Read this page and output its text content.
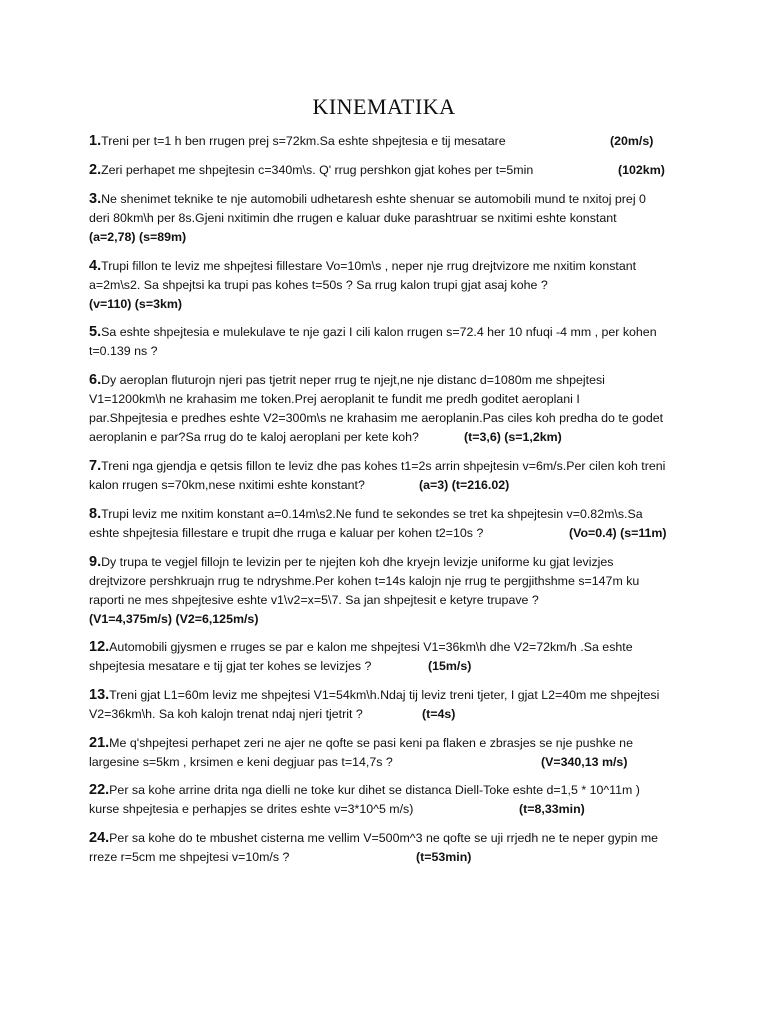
KINEMATIKA
1.Treni per t=1 h ben rrugen prej s=72km.Sa eshte shpejtesia e tij mesatare	(20m/s)
2.Zeri perhapet me shpejtesin c=340m\s. Q' rrug pershkon gjat kohes per t=5min	(102km)
3.Ne shenimet teknike te nje automobili udhetaresh eshte shenuar se automobili mund te nxitoj prej 0
deri 80km\h per 8s.Gjeni nxitimin dhe rrugen e kaluar duke parashtruar se nxitimi eshte konstant
(a=2,78) (s=89m)
4.Trupi fillon te leviz me shpejtesi fillestare Vo=10m\s , neper nje rrug drejtvizore me nxitim konstant
a=2m\s2. Sa shpejtsi ka trupi pas kohes t=50s ? Sa rrug kalon trupi gjat asaj kohe ?
(v=110) (s=3km)
5.Sa eshte shpejtesia e mulekulave te nje gazi I cili kalon rrugen s=72.4 her 10 nfuqi -4 mm , per kohen
t=0.139 ns ?
6.Dy aeroplan fluturojn njeri pas tjetrit neper rrug te njejt,ne nje distanc d=1080m me shpejtesi
V1=1200km\h ne krahasim me token.Prej aeroplanit te fundit me predh goditet aeroplani I
par.Shpejtesia e predhes eshte V2=300m\s ne krahasim me aeroplanin.Pas ciles koh predha do te godet
aeroplanin e par?Sa rrug do te kaloj aeroplani per kete koh?	(t=3,6) (s=1,2km)
7.Treni nga gjendja e qetsis fillon te leviz dhe pas kohes t1=2s arrin shpejtesin v=6m/s.Per cilen koh treni
kalon rrugen s=70km,nese nxitimi eshte konstant?	(a=3) (t=216.02)
8.Trupi leviz me nxitim konstant a=0.14m\s2.Ne fund te sekondes se tret ka shpejtesin v=0.82m\s.Sa
eshte shpejtesia fillestare e trupit dhe rruga e kaluar per kohen t2=10s ?	(Vo=0.4) (s=11m)
9.Dy trupa te vegjel fillojn te levizin per te njejten koh dhe kryejn levizje uniforme ku gjat levizjes
drejtvizore pershkruajn rrug te ndryshme.Per kohen t=14s kalojn nje rrug te pergjithshme s=147m ku
raporti ne mes shpejtesive eshte v1\v2=x=5\7. Sa jan shpejtesit e ketyre trupave ?
(V1=4,375m/s) (V2=6,125m/s)
12.Automobili gjysmen e rruges se par e kalon me shpejtesi V1=36km\h dhe V2=72km/h .Sa eshte
shpejtesia mesatare e tij gjat ter kohes se levizjes ?	(15m/s)
13.Treni gjat L1=60m leviz me shpejtesi V1=54km\h.Ndaj tij leviz treni tjeter, I gjat L2=40m me shpejtesi
V2=36km\h. Sa koh kalojn trenat ndaj njeri tjetrit ?	(t=4s)
21.Me q'shpejtesi perhapet zeri ne ajer ne qofte se pasi keni pa flaken e zbrasjes se nje pushke ne
largesine s=5km , krsimen e keni degjuar pas t=14,7s ?	(V=340,13 m/s)
22.Per sa kohe arrine drita nga dielli ne toke kur dihet se distanca Diell-Toke eshte d=1,5 * 10^11m )
kurse shpejtesia e perhapjes se drites eshte v=3*10^5 m/s)	(t=8,33min)
24.Per sa kohe do te mbushet cisterna me vellim V=500m^3 ne qofte se uji rrjedh ne te neper gypin me
rreze r=5cm me shpejtesi v=10m/s ?	(t=53min)
